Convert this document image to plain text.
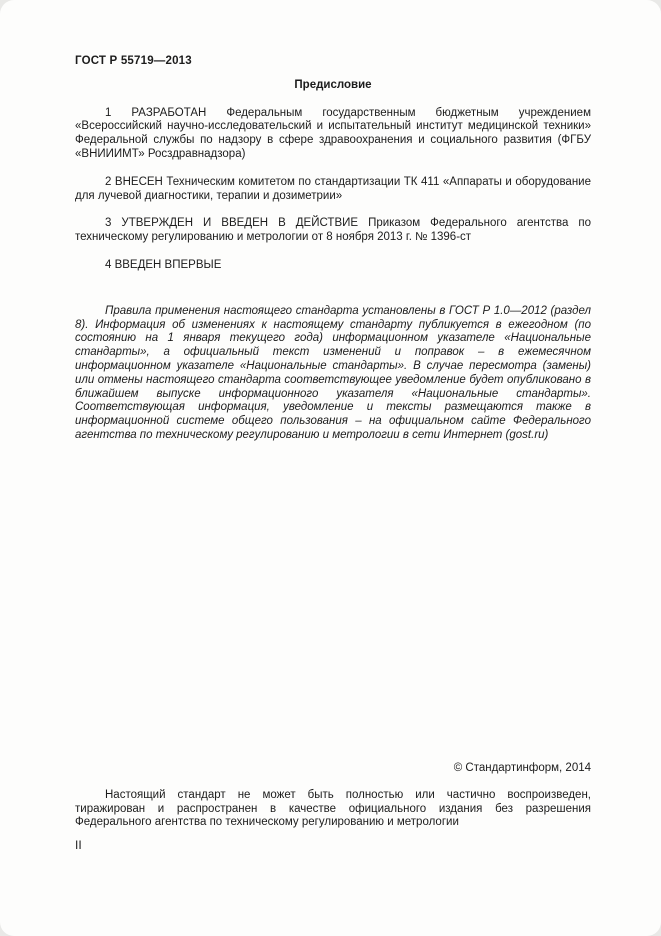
ГОСТ Р 55719—2013
Предисловие

1 РАЗРАБОТАН Федеральным государственным бюджетным учреждением «Всероссийский научно-исследовательский и испытательный институт медицинской техники» Федеральной службы по надзору в сфере здравоохранения и социального развития (ФГБУ «ВНИИИМТ» Росздравнадзора)

2 ВНЕСЕН Техническим комитетом по стандартизации ТК 411 «Аппараты и оборудование для лучевой диагностики, терапии и дозиметрии»

3 УТВЕРЖДЕН И ВВЕДЕН В ДЕЙСТВИЕ Приказом Федерального агентства по техническому регулированию и метрологии от 8 ноября 2013 г. № 1396-ст

4 ВВЕДЕН ВПЕРВЫЕ

Правила применения настоящего стандарта установлены в ГОСТ Р 1.0—2012 (раздел 8). Информация об изменениях к настоящему стандарту публикуется в ежегодном (по состоянию на 1 января текущего года) информационном указателе «Национальные стандарты», а официальный текст изменений и поправок – в ежемесячном информационном указателе «Национальные стандарты». В случае пересмотра (замены) или отмены настоящего стандарта соответствующее уведомление будет опубликовано в ближайшем выпуске информационного указателя «Национальные стандарты». Соответствующая информация, уведомление и тексты размещаются также в информационной системе общего пользования – на официальном сайте Федерального агентства по техническому регулированию и метрологии в сети Интернет (gost.ru)

© Стандартинформ, 2014

Настоящий стандарт не может быть полностью или частично воспроизведен, тиражирован и распространен в качестве официального издания без разрешения Федерального агентства по техническому регулированию и метрологии

II
